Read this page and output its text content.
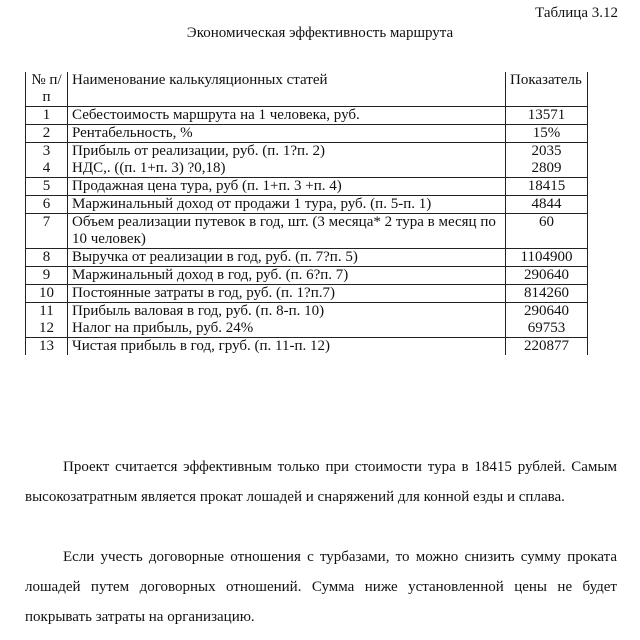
Таблица 3.12
Экономическая эффективность маршрута
№ п/п	Наименование калькуляционных статей	Показатель
1	Себестоимость маршрута на 1 человека, руб.	13571
2	Рентабельность, %	15%
3	Прибыль от реализации, руб. (п. 1?п. 2)	2035
4	НДС,. ((п. 1+п. 3) ?0,18)	2809
5	Продажная цена тура, руб (п. 1+п. 3 +п. 4)	18415
6	Маржинальный доход от продажи 1 тура, руб. (п. 5-п. 1)	4844
7	Объем реализации путевок в год, шт. (3 месяца* 2 тура в месяц по 10 человек)	60
8	Выручка от реализации в год, руб. (п. 7?п. 5)	1104900
9	Маржинальный доход в год, руб. (п. 6?п. 7)	290640
10	Постоянные затраты в год, руб. (п. 1?п.7)	814260
11	Прибыль валовая в год, руб. (п. 8-п. 10)	290640
12	Налог на прибыль, руб. 24%	69753
13	Чистая прибыль в год, груб. (п. 11-п. 12)	220877

Проект считается эффективным только при стоимости тура в 18415 рублей. Самым высокозатратным является прокат лошадей и снаряжений для конной езды и сплава.

Если учесть договорные отношения с турбазами, то можно снизить сумму проката лошадей путем договорных отношений. Сумма ниже установленной цены не будет покрывать затраты на организацию.
